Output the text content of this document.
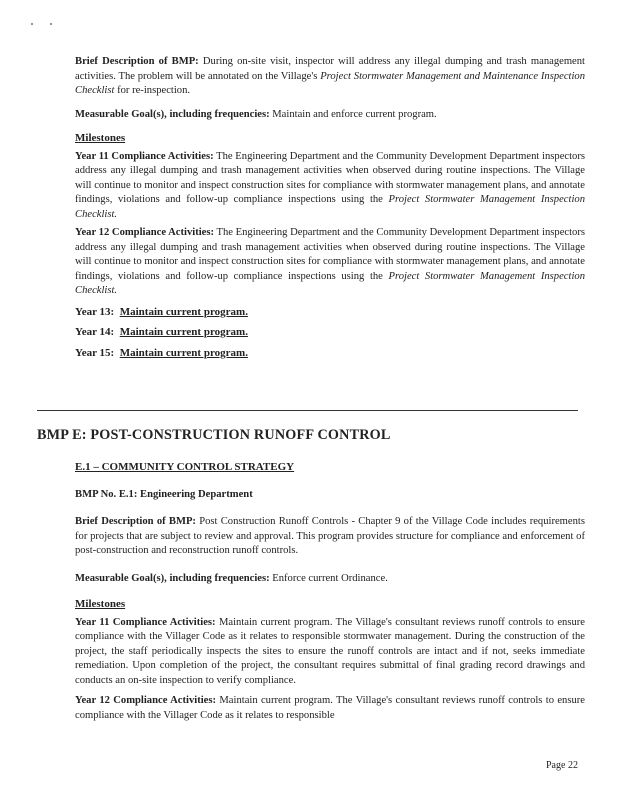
Brief Description of BMP: During on-site visit, inspector will address any illegal dumping and trash management activities. The problem will be annotated on the Village's Project Stormwater Management and Maintenance Inspection Checklist for re-inspection.

Measurable Goal(s), including frequencies: Maintain and enforce current program.

Milestones

Year 11 Compliance Activities: The Engineering Department and the Community Development Department inspectors address any illegal dumping and trash management activities when observed during routine inspections. The Village will continue to monitor and inspect construction sites for compliance with stormwater management plans, and annotate findings, violations and follow-up compliance inspections using the Project Stormwater Management Inspection Checklist.

Year 12 Compliance Activities: The Engineering Department and the Community Development Department inspectors address any illegal dumping and trash management activities when observed during routine inspections. The Village will continue to monitor and inspect construction sites for compliance with stormwater management plans, and annotate findings, violations and follow-up compliance inspections using the Project Stormwater Management Inspection Checklist.

Year 13: Maintain current program.

Year 14: Maintain current program.

Year 15: Maintain current program.

BMP E: POST-CONSTRUCTION RUNOFF CONTROL

E.1 – COMMUNITY CONTROL STRATEGY

BMP No. E.1: Engineering Department

Brief Description of BMP: Post Construction Runoff Controls - Chapter 9 of the Village Code includes requirements for projects that are subject to review and approval. This program provides structure for compliance and enforcement of post-construction and reconstruction runoff controls.

Measurable Goal(s), including frequencies: Enforce current Ordinance.

Milestones

Year 11 Compliance Activities: Maintain current program. The Village's consultant reviews runoff controls to ensure compliance with the Villager Code as it relates to responsible stormwater management. During the construction of the project, the staff periodically inspects the sites to ensure the runoff controls are intact and if not, seeks immediate remediation. Upon completion of the project, the consultant requires submittal of final grading record drawings and conducts an on-site inspection to verify compliance.

Year 12 Compliance Activities: Maintain current program. The Village's consultant reviews runoff controls to ensure compliance with the Villager Code as it relates to responsible

Page 22
